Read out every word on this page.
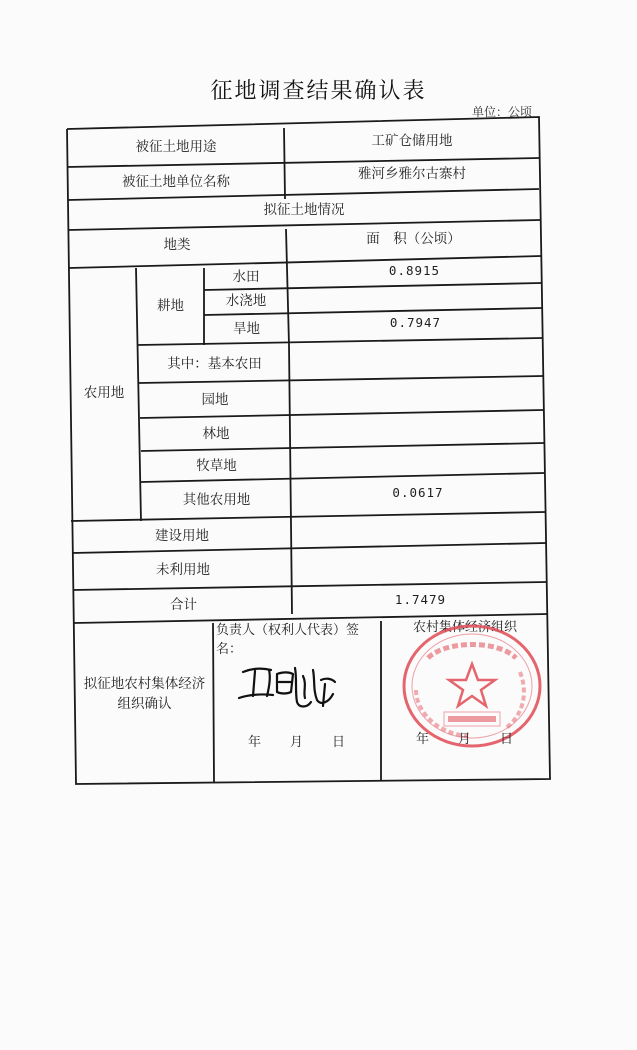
征地调查结果确认表
单位：公顷
被征土地用途	工矿仓储用地
被征土地单位名称	雅河乡雅尔古寨村
拟征土地情况
地类	面　积（公顷）
农用地
耕地
水田	0.8915
水浇地
旱地	0.7947
其中：基本农田
园地
林地
牧草地
其他农用地	0.0617
建设用地
未利用地
合计	1.7479
拟征地农村集体经济组织确认
负责人（权利人代表）签名：
农村集体经济组织
年　　月　　日	年　　月　　日
